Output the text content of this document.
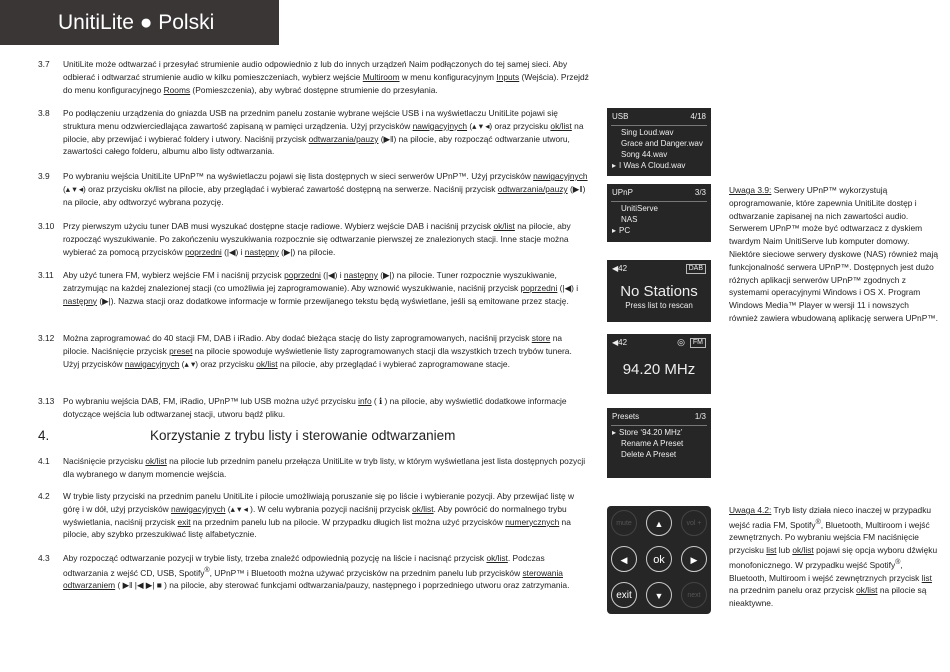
UnitiLite ● Polski
3.7 UnitiLite może odtwarzać i przesyłać strumienie audio odpowiednio z lub do innych urządzeń Naim podłączonych do tej samej sieci. Aby odbierać i odtwarzać strumienie audio w kilku pomieszczeniach, wybierz wejście Multiroom w menu konfiguracyjnym Inputs (Wejścia). Przejdź do menu konfiguracyjnego Rooms (Pomieszczenia), aby wybrać dostępne strumienie do przesyłania.
3.8 Po podłączeniu urządzenia do gniazda USB na przednim panelu zostanie wybrane wejście USB i na wyświetlaczu UnitiLite pojawi się struktura menu odzwierciedlająca zawartość zapisaną w pamięci urządzenia. Użyj przycisków nawigacyjnych (▴ ▾ ◂) oraz przycisku ok/list na pilocie, aby przewijać i wybierać foldery i utwory. Naciśnij przycisk odtwarzania/pauzy (▶‖) na pilocie, aby rozpocząć odtwarzanie utworu, zawartości całego folderu, albumu albo listy odtwarzania.
3.9 Po wybraniu wejścia UnitiLite UPnP™ na wyświetlaczu pojawi się lista dostępnych w sieci serwerów UPnP™. Użyj przycisków nawigacyjnych (▴ ▾ ◂) oraz przycisku ok/list na pilocie, aby przeglądać i wybierać zawartość dostępną na serwerze. Naciśnij przycisk odtwarzania/pauzy (▶‖) na pilocie, aby odtworzyć wybrana pozycję.
3.10 Przy pierwszym użyciu tuner DAB musi wyszukać dostępne stacje radiowe. Wybierz wejście DAB i naciśnij przycisk ok/list na pilocie, aby rozpocząć wyszukiwanie. Po zakończeniu wyszukiwania rozpocznie się odtwarzanie pierwszej ze znalezionych stacji. Inne stacje można wybierać za pomocą przycisków poprzedni (|◀) i następny (▶|) na pilocie.
3.11 Aby użyć tunera FM, wybierz wejście FM i naciśnij przycisk poprzedni (|◀) i następny (▶|) na pilocie. Tuner rozpocznie wyszukiwanie, zatrzymując na każdej znalezionej stacji (co umożliwia jej zaprogramowanie). Aby wznowić wyszukiwanie, naciśnij przycisk poprzedni (|◀) i następny (▶|). Nazwa stacji oraz dodatkowe informacje w formie przewijanego tekstu będą wyświetlane, jeśli są emitowane przez stację.
3.12 Można zaprogramować do 40 stacji FM, DAB i iRadio. Aby dodać bieżąca stację do listy zaprogramowanych, naciśnij przycisk store na pilocie. Naciśnięcie przycisk preset na pilocie spowoduje wyświetlenie listy zaprogramowanych stacji dla wszystkich trzech trybów tunera. Użyj przycisków nawigacyjnych (▴ ▾) oraz przycisku ok/list na pilocie, aby przeglądać i wybierać zaprogramowane stacje.
3.13 Po wybraniu wejścia DAB, FM, iRadio, UPnP™ lub USB można użyć przycisku info ( ℹ ) na pilocie, aby wyświetlić dodatkowe informacje dotyczące wejścia lub odtwarzanej stacji, utworu bądź pliku.
4.	Korzystanie z trybu listy i sterowanie odtwarzaniem
4.1 Naciśnięcie przycisku ok/list na pilocie lub przednim panelu przełącza UnitiLite w tryb listy, w którym wyświetlana jest lista dostępnych pozycji dla wybranego w danym momencie wejścia.
4.2 W trybie listy przyciski na przednim panelu UnitiLite i pilocie umożliwiają poruszanie się po liście i wybieranie pozycji. Aby przewijać listę w górę i w dół, użyj przycisków nawigacyjnych (▴ ▾ ◂ ). W celu wybrania pozycji naciśnij przycisk ok/list. Aby powrócić do normalnego trybu wyświetlania, naciśnij przycisk exit na przednim panelu lub na pilocie. W przypadku długich list można użyć przycisków numerycznych na pilocie, aby szybko przeszukiwać listę alfabetycznie.
4.3 Aby rozpocząć odtwarzanie pozycji w trybie listy, trzeba znaleźć odpowiednią pozycję na liście i nacisnąć przycisk ok/list. Podczas odtwarzania z wejść CD, USB, Spotify®, UPnP™ i Bluetooth można używać przycisków na przednim panelu lub przycisków sterowania odtwarzaniem ( ▶‖ |◀ ▶| ■ ) na pilocie, aby sterować funkcjami odtwarzania/pauzy, następnego i poprzedniego utworu oraz zatrzymania.
USB	4/18
Sing Loud.wav
Grace and Danger.wav
Song 44.wav
▸ I Was A Cloud.wav
UPnP	3/3
UnitiServe
NAS
▸ PC
◀42	DAB
No Stations
Press list to rescan
◀42	FM
◎
94.20 MHz
Presets	1/3
▸ Store ‘94.20 MHz’
Rename A Preset
Delete A Preset
mute	▲	vol +
◀	ok	▶
exit	▼	next
Uwaga 3.9: Serwery UPnP™ wykorzystują oprogramowanie, które zapewnia UnitiLite dostęp i odtwarzanie zapisanej na nich zawartości audio. Serwerem UPnP™ może być odtwarzacz z dyskiem twardym Naim UnitiServe lub komputer domowy. Niektóre sieciowe serwery dyskowe (NAS) również mają funkcjonalność serwera UPnP™. Dostępnych jest dużo różnych aplikacji serwerów UPnP™ zgodnych z systemami operacyjnymi Windows i OS X. Program Windows Media™ Player w wersji 11 i nowszych również zawiera wbudowaną aplikację serwera UPnP™.
Uwaga 4.2: Tryb listy działa nieco inaczej w przypadku wejść radia FM, Spotify®, Bluetooth, Multiroom i wejść zewnętrznych. Po wybraniu wejścia FM naciśnięcie przycisku list lub ok/list pojawi się opcja wyboru dźwięku monofonicznego. W przypadku wejść Spotify®, Bluetooth, Multiroom i wejść zewnętrznych przycisk list na przednim panelu oraz przycisk ok/list na pilocie są nieaktywne.
